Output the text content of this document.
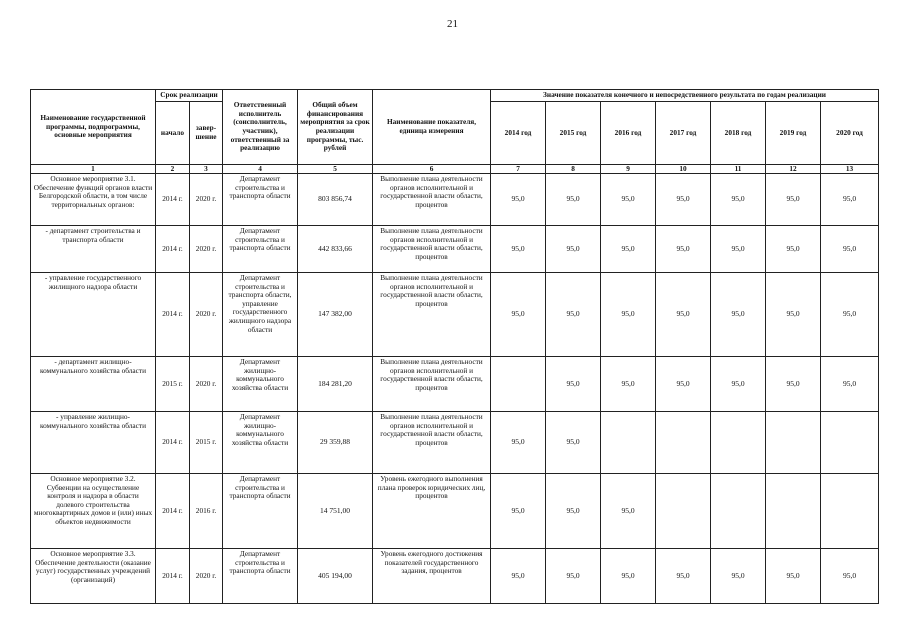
21
Наименование государственной программы, подпрограммы, основные мероприятия	Срок реализации		Ответственный исполнитель (соисполнитель, участник), ответственный за реализацию	Общий объем финансирования мероприятия за срок реализации программы, тыс. рублей	Наименование показателя, единица измерения	Значение показателя конечного и непосредственного результата по годам реализации						
	начало	завер-шение				2014 год	2015 год	2016 год	2017 год	2018 год	2019 год	2020 год
1	2	3	4	5	6	7	8	9	10	11	12	13
Основное мероприятие 3.1. Обеспечение функций органов власти Белгородской области, в том числе территориальных органов:	2014 г.	2020 г.	Департамент строительства и транспорта области	803 856,74	Выполнение плана деятельности органов исполнительной и государственной власти области, процентов	95,0	95,0	95,0	95,0	95,0	95,0	95,0
- департамент строительства и транспорта области	2014 г.	2020 г.	Департамент строительства и транспорта области	442 833,66	Выполнение плана деятельности органов исполнительной и государственной власти области, процентов	95,0	95,0	95,0	95,0	95,0	95,0	95,0
- управление государственного жилищного надзора области	2014 г.	2020 г.	Департамент строительства и транспорта области, управление государственного жилищного надзора области	147 382,00	Выполнение плана деятельности органов исполнительной и государственной власти области, процентов	95,0	95,0	95,0	95,0	95,0	95,0	95,0
- департамент жилищно-коммунального хозяйства области	2015 г.	2020 г.	Департамент жилищно-коммунального хозяйства области	184 281,20	Выполнение плана деятельности органов исполнительной и государственной власти области, процентов		95,0	95,0	95,0	95,0	95,0	95,0
- управление жилищно-коммунального хозяйства области	2014 г.	2015 г.	Департамент жилищно-коммунального хозяйства области	29 359,88	Выполнение плана деятельности органов исполнительной и государственной власти области, процентов	95,0	95,0					
Основное мероприятие 3.2. Субвенции на осуществление контроля и надзора в области долевого строительства многоквартирных домов и (или) иных объектов недвижимости	2014 г.	2016 г.	Департамент строительства и транспорта области	14 751,00	Уровень ежегодного выполнения плана проверок юридических лиц, процентов	95,0	95,0	95,0				
Основное мероприятие 3.3. Обеспечение деятельности (оказание услуг) государственных учреждений (организаций)	2014 г.	2020 г.	Департамент строительства и транспорта области	405 194,00	Уровень ежегодного достижения показателей государственного задания, процентов	95,0	95,0	95,0	95,0	95,0	95,0	95,0
